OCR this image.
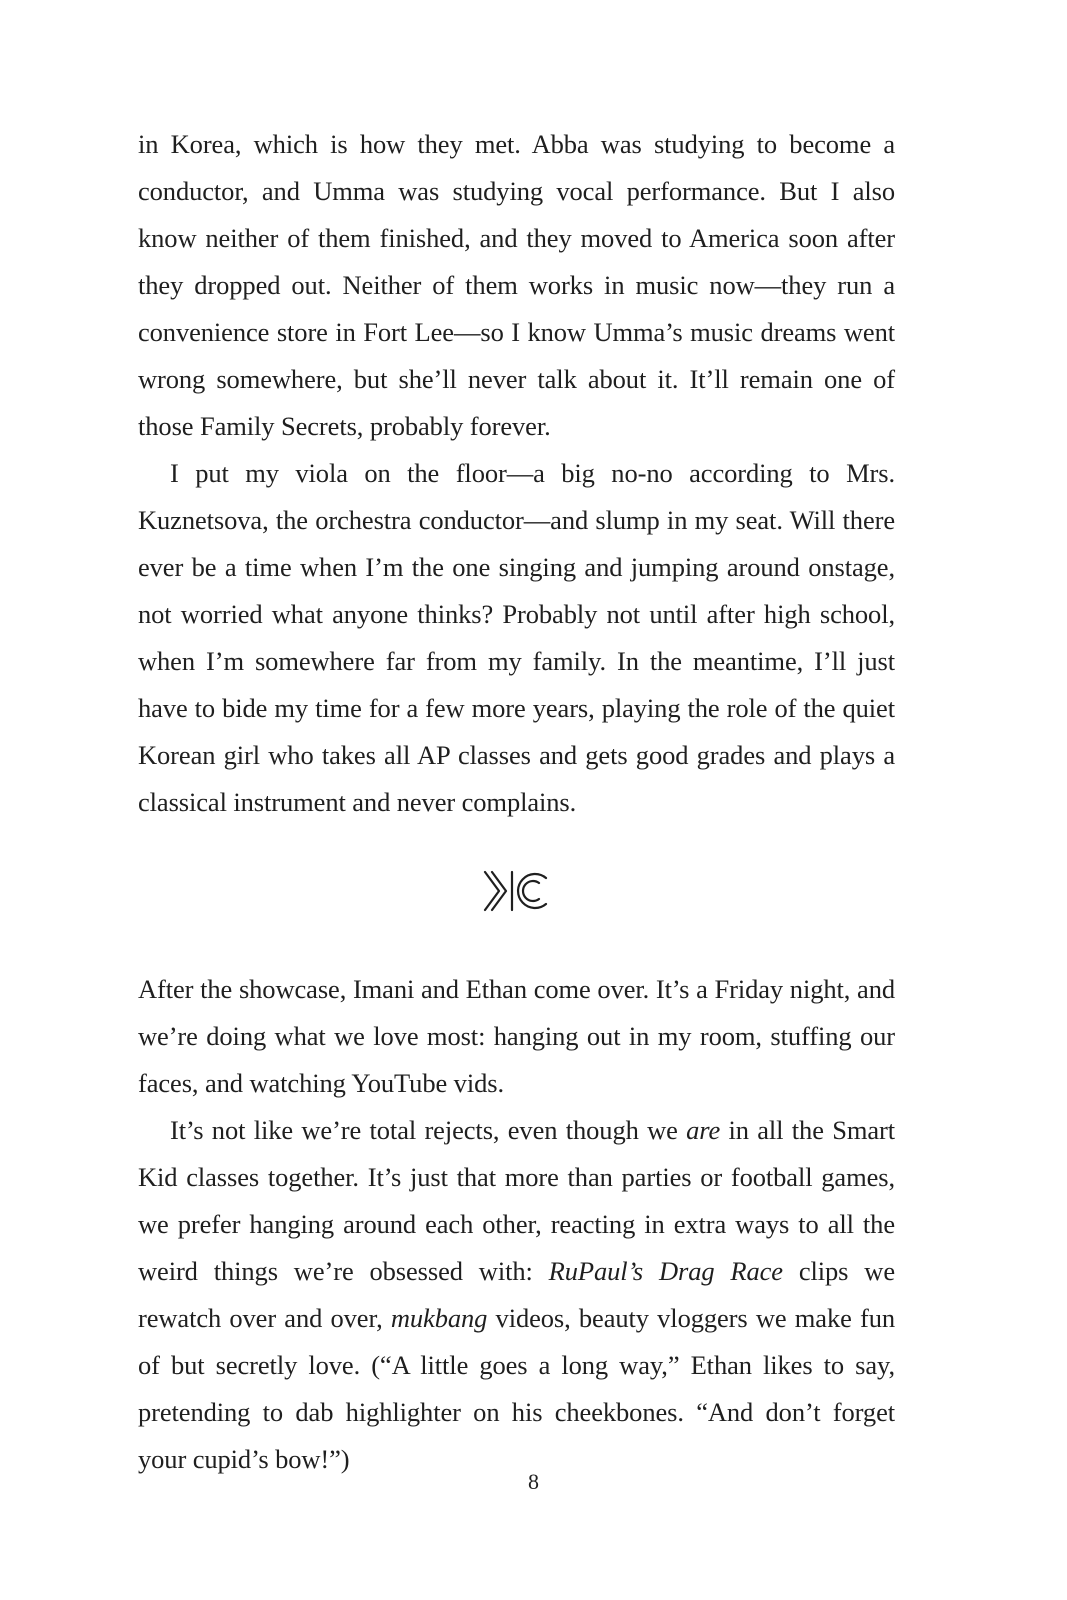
in Korea, which is how they met. Abba was studying to become a conductor, and Umma was studying vocal performance. But I also know neither of them finished, and they moved to America soon after they dropped out. Neither of them works in music now—they run a convenience store in Fort Lee—so I know Umma’s music dreams went wrong somewhere, but she’ll never talk about it. It’ll remain one of those Family Secrets, probably forever.

I put my viola on the floor—a big no-no according to Mrs. Kuznetsova, the orchestra conductor—and slump in my seat. Will there ever be a time when I’m the one singing and jumping around onstage, not worried what anyone thinks? Probably not until after high school, when I’m somewhere far from my family. In the meantime, I’ll just have to bide my time for a few more years, playing the role of the quiet Korean girl who takes all AP classes and gets good grades and plays a classical instrument and never complains.

After the showcase, Imani and Ethan come over. It’s a Friday night, and we’re doing what we love most: hanging out in my room, stuffing our faces, and watching YouTube vids.

It’s not like we’re total rejects, even though we are in all the Smart Kid classes together. It’s just that more than parties or football games, we prefer hanging around each other, reacting in extra ways to all the weird things we’re obsessed with: RuPaul’s Drag Race clips we rewatch over and over, mukbang videos, beauty vloggers we make fun of but secretly love. (“A little goes a long way,” Ethan likes to say, pretending to dab highlighter on his cheekbones. “And don’t forget your cupid’s bow!”)

8
